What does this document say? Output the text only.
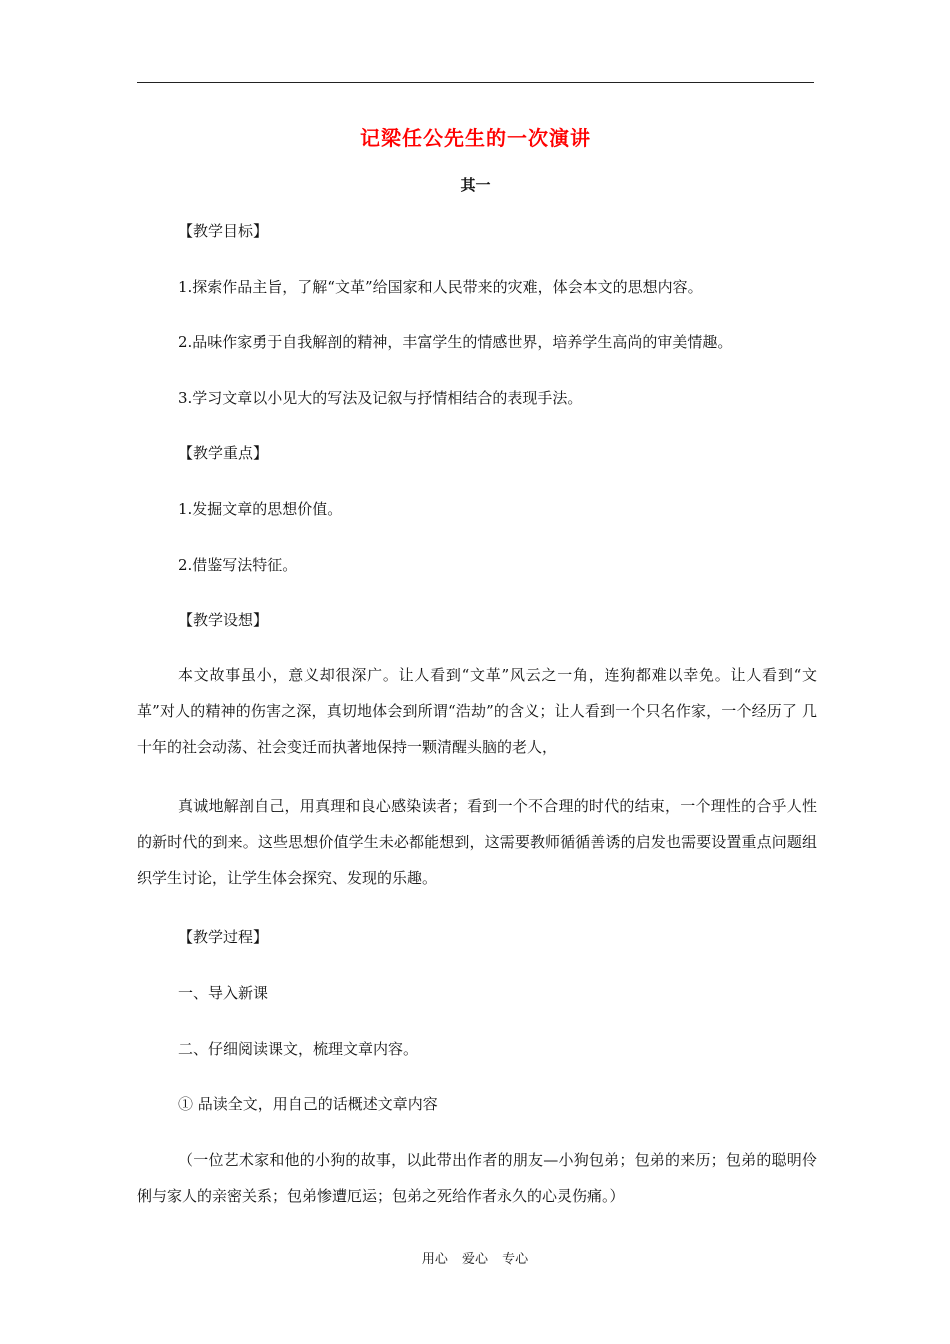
记梁任公先生的一次演讲
其一
【教学目标】
1.探索作品主旨，了解“文革”给国家和人民带来的灾难，体会本文的思想内容。
2.品味作家勇于自我解剖的精神，丰富学生的情感世界，培养学生高尚的审美情趣。
3.学习文章以小见大的写法及记叙与抒情相结合的表现手法。
【教学重点】
1.发掘文章的思想价值。
2.借鉴写法特征。
【教学设想】
本文故事虽小，意义却很深广。让人看到“文革”风云之一角，连狗都难以幸免。让人看到“文革”对人的精神的伤害之深，真切地体会到所谓“浩劫”的含义；让人看到一个只名作家，一个经历了 几十年的社会动荡、社会变迁而执著地保持一颗清醒头脑的老人，
真诚地解剖自己，用真理和良心感染读者；看到一个不合理的时代的结束，一个理性的合乎人性的新时代的到来。这些思想价值学生未必都能想到，这需要教师循循善诱的启发也需要设置重点问题组织学生讨论，让学生体会探究、发现的乐趣。
【教学过程】
一、导入新课
二、仔细阅读课文，梳理文章内容。
① 品读全文，用自己的话概述文章内容
（一位艺术家和他的小狗的故事，以此带出作者的朋友—小狗包弟；包弟的来历；包弟的聪明伶俐与家人的亲密关系；包弟惨遭厄运；包弟之死给作者永久的心灵伤痛。）
用心 爱心 专心
